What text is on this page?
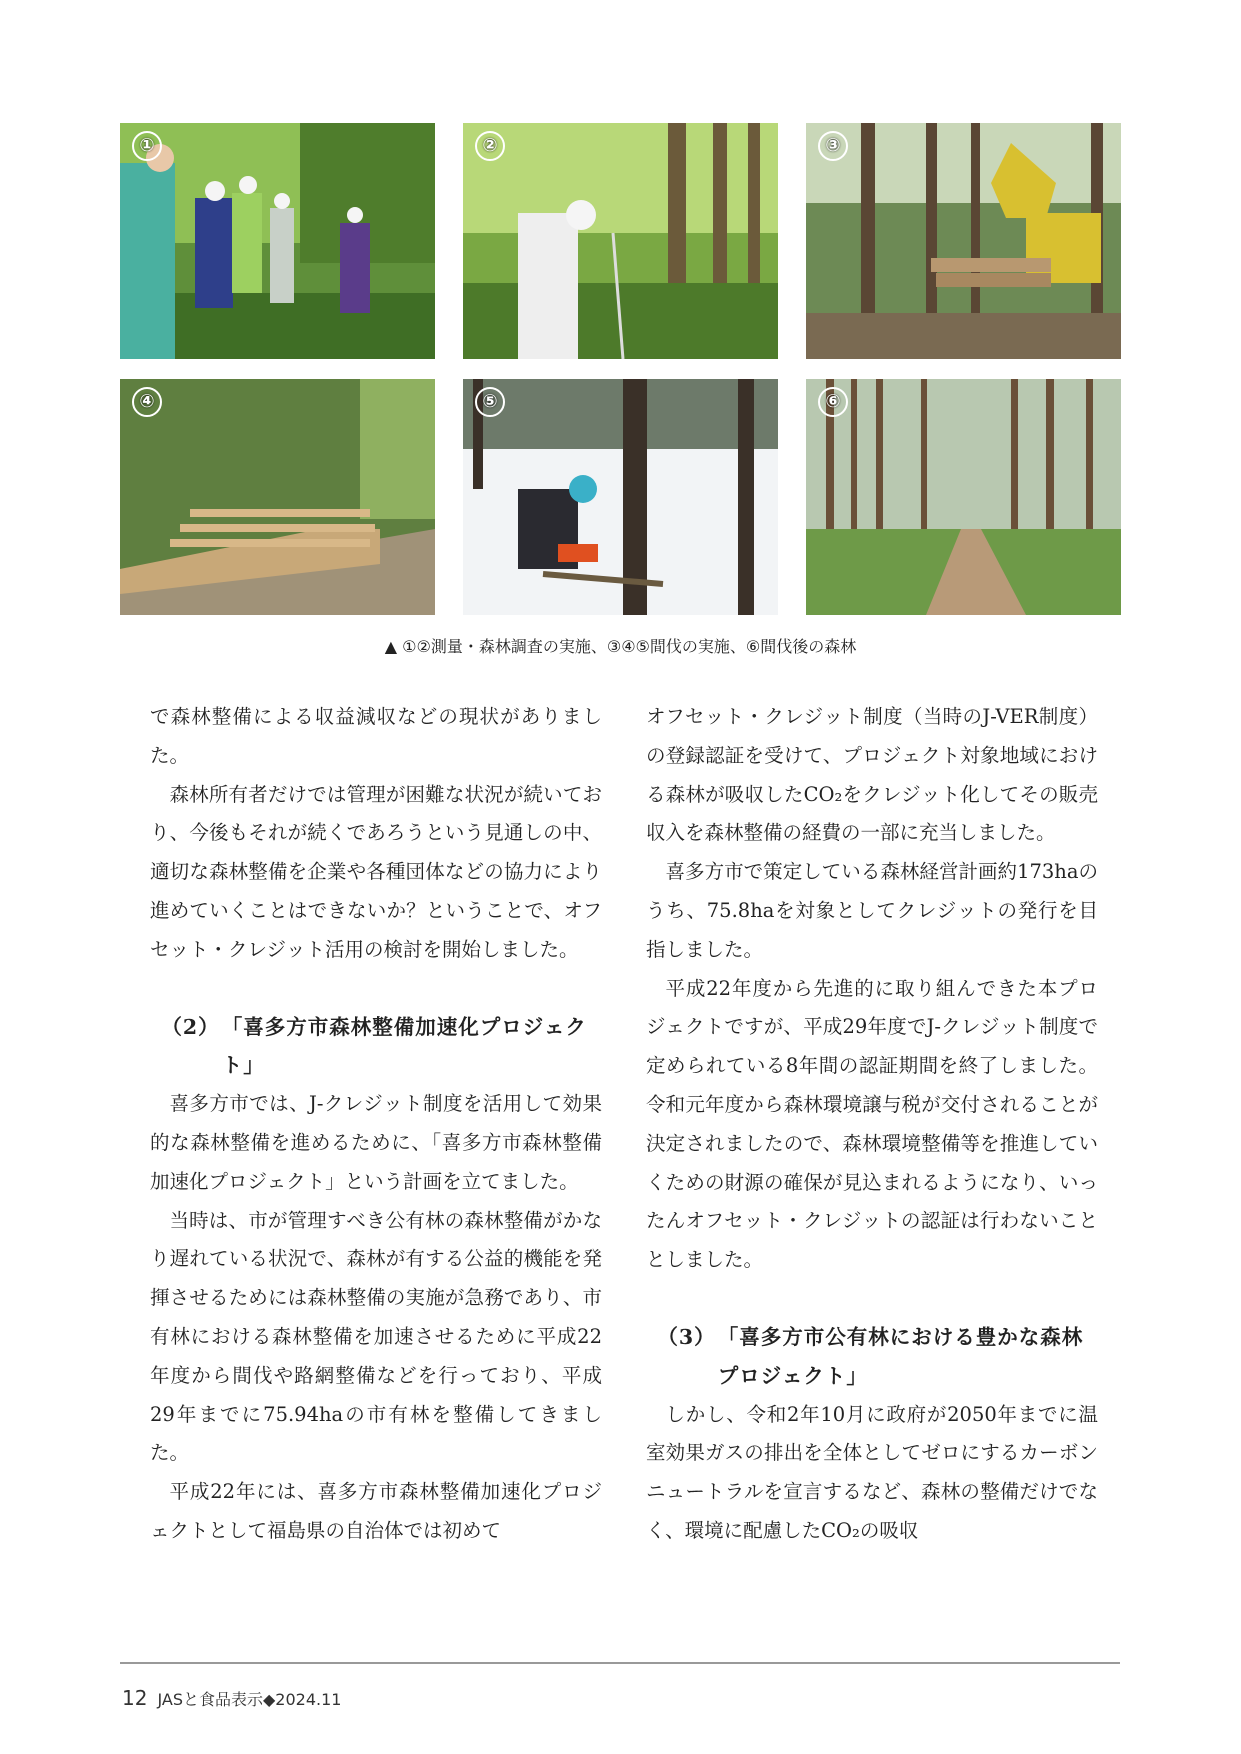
①	②	③
④	⑤	⑥
▲ ①②測量・森林調査の実施、③④⑤間伐の実施、⑥間伐後の森林

で森林整備による収益減収などの現状がありました。

森林所有者だけでは管理が困難な状況が続いており、今後もそれが続くであろうという見通しの中、適切な森林整備を企業や各種団体などの協力により進めていくことはできないか？ということで、オフセット・クレジット活用の検討を開始しました。

（2）「喜多方市森林整備加速化プロジェクト」

喜多方市では、J-クレジット制度を活用して効果的な森林整備を進めるために、「喜多方市森林整備加速化プロジェクト」という計画を立てました。

当時は、市が管理すべき公有林の森林整備がかなり遅れている状況で、森林が有する公益的機能を発揮させるためには森林整備の実施が急務であり、市有林における森林整備を加速させるために平成22年度から間伐や路網整備などを行っており、平成29年までに75.94haの市有林を整備してきました。

平成22年には、喜多方市森林整備加速化プロジェクトとして福島県の自治体では初めて

オフセット・クレジット制度（当時のJ-VER制度）の登録認証を受けて、プロジェクト対象地域における森林が吸収したCO₂をクレジット化してその販売収入を森林整備の経費の一部に充当しました。

喜多方市で策定している森林経営計画約173haのうち、75.8haを対象としてクレジットの発行を目指しました。

平成22年度から先進的に取り組んできた本プロジェクトですが、平成29年度でJ-クレジット制度で定められている8年間の認証期間を終了しました。令和元年度から森林環境譲与税が交付されることが決定されましたので、森林環境整備等を推進していくための財源の確保が見込まれるようになり、いったんオフセット・クレジットの認証は行わないこととしました。

（3）「喜多方市公有林における豊かな森林プロジェクト」

しかし、令和2年10月に政府が2050年までに温室効果ガスの排出を全体としてゼロにするカーボンニュートラルを宣言するなど、森林の整備だけでなく、環境に配慮したCO₂の吸収

12 JASと食品表示◆2024.11
